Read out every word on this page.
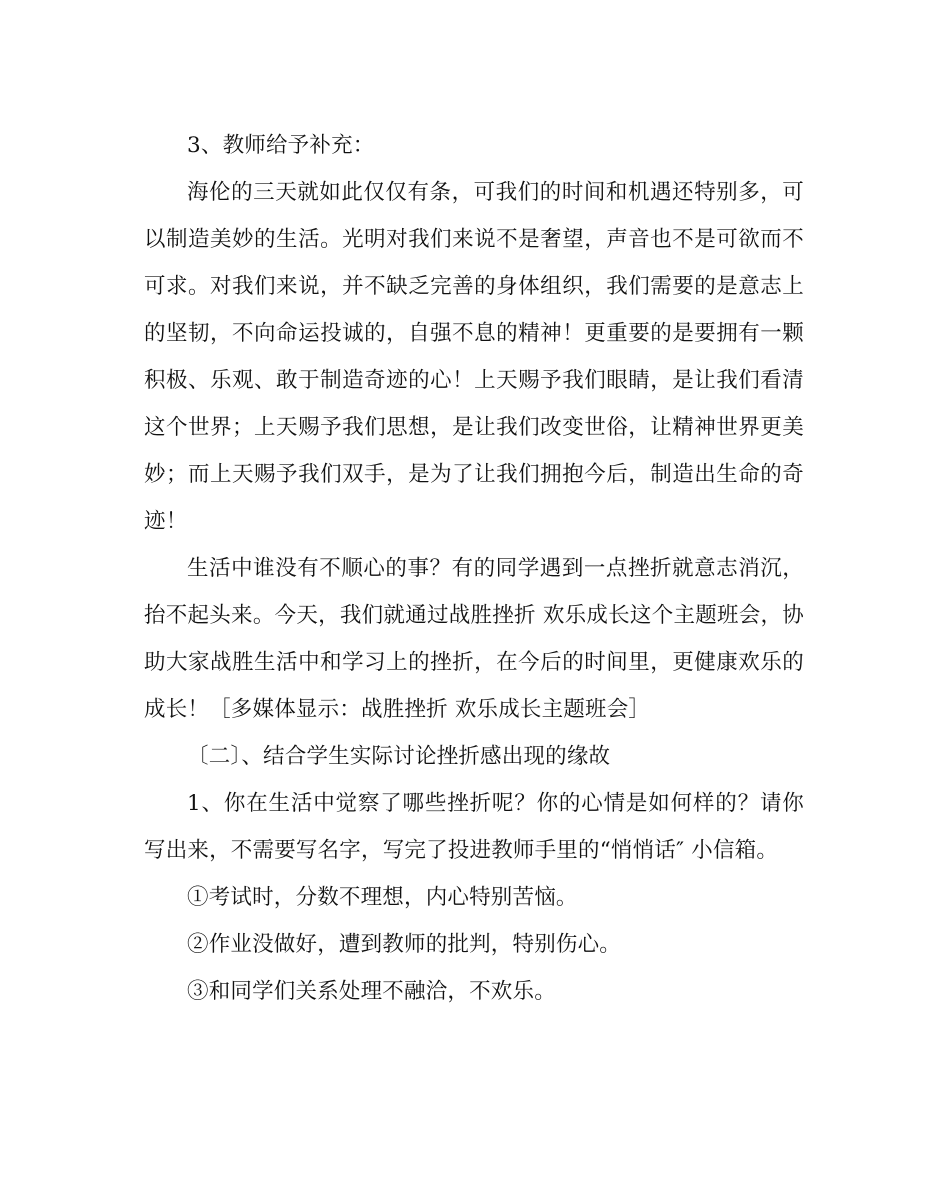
3、教师给予补充：

海伦的三天就如此仅仅有条，可我们的时间和机遇还特别多，可以制造美妙的生活。光明对我们来说不是奢望，声音也不是可欲而不可求。对我们来说，并不缺乏完善的身体组织，我们需要的是意志上的坚韧，不向命运投诚的，自强不息的精神！更重要的是要拥有一颗积极、乐观、敢于制造奇迹的心！上天赐予我们眼睛，是让我们看清这个世界；上天赐予我们思想，是让我们改变世俗，让精神世界更美妙；而上天赐予我们双手，是为了让我们拥抱今后，制造出生命的奇迹！

生活中谁没有不顺心的事？有的同学遇到一点挫折就意志消沉，抬不起头来。今天，我们就通过战胜挫折 欢乐成长这个主题班会，协助大家战胜生活中和学习上的挫折，在今后的时间里，更健康欢乐的成长！［多媒体显示：战胜挫折 欢乐成长主题班会］

〔二〕、结合学生实际讨论挫折感出现的缘故

1、你在生活中觉察了哪些挫折呢？你的心情是如何样的？请你写出来，不需要写名字，写完了投进教师手里的“悄悄话″ 小信箱。

①考试时，分数不理想，内心特别苦恼。

②作业没做好，遭到教师的批判，特别伤心。

③和同学们关系处理不融洽，不欢乐。
